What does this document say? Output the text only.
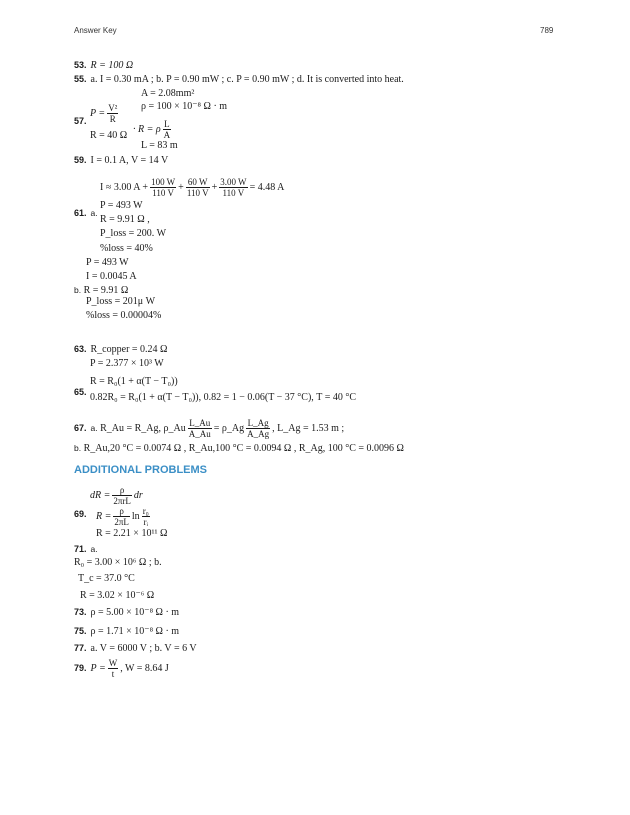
Answer Key	789
53. R = 100 Ω
55. a. I = 0.30 mA ; b. P = 0.90 mW ; c. P = 0.90 mW ; d. It is converted into heat.
A = 2.08mm²
ρ = 100 × 10⁻⁸ Ω · m
$P = \frac{\text{V²}}{R}$
57.
· R = ρ $\frac{L}{A}$
R = 40 Ω
L = 83 m
59. I = 0.1 A, V = 14 V
I ≈ 3.00 $A + \frac{100 W}{110 V} + \frac{60 W}{110 V} + \frac{3.00 W}{110 V} = 4.48$ A
P = 493 W
61. a.
R = 9.91 Ω ,
P_loss = 200. W
%loss = 40%
P = 493 W
I = 0.0045 A
b. R = 9.91 Ω
P_loss = 201μ W
%loss = 0.00004%
63. R_copper = 0.24 Ω
P = 2.377 × 10³ W
R = R₀(1 + α(T − T₀))
65. 0.82R₀ = R₀(1 + α(T − T₀)), 0.82 = 1 − 0.06(T − 37 °C), T = 40 °C
67. a. R_Au = R_Ag, ρ_Au $\frac{L\_Au}{A\_Au}$ = ρ_Ag $\frac{L\_Ag}{A\_Ag}$ , L_Ag = 1.53 m ;
b. R_Au,20 °C = 0.0074 Ω , R_Au,100 °C = 0.0094 Ω , R_Ag, 100 °C = 0.0096 Ω
ADDITIONAL PROBLEMS
dR = $\frac{\rho}{\text{2πrL}}$ dr
69. $R = \frac{\rho}{2\pi L}$ $\ln \frac{\text{r₀}}{\text{rᵢ}}$
R = 2.21 × 10¹¹ Ω
71. a.
R₀ = 3.00 × 10⁶ Ω ; b.
T_c = 37.0 °C
R = 3.02 × 10⁻⁶ Ω
73. ρ = 5.00 × 10⁻⁸ Ω · m
75. ρ = 1.71 × 10⁻⁸ Ω · m
77. a. V = 6000 V ; b. V = 6 V
79. $P = \frac{W}{t}$ , W = 8.64 J
